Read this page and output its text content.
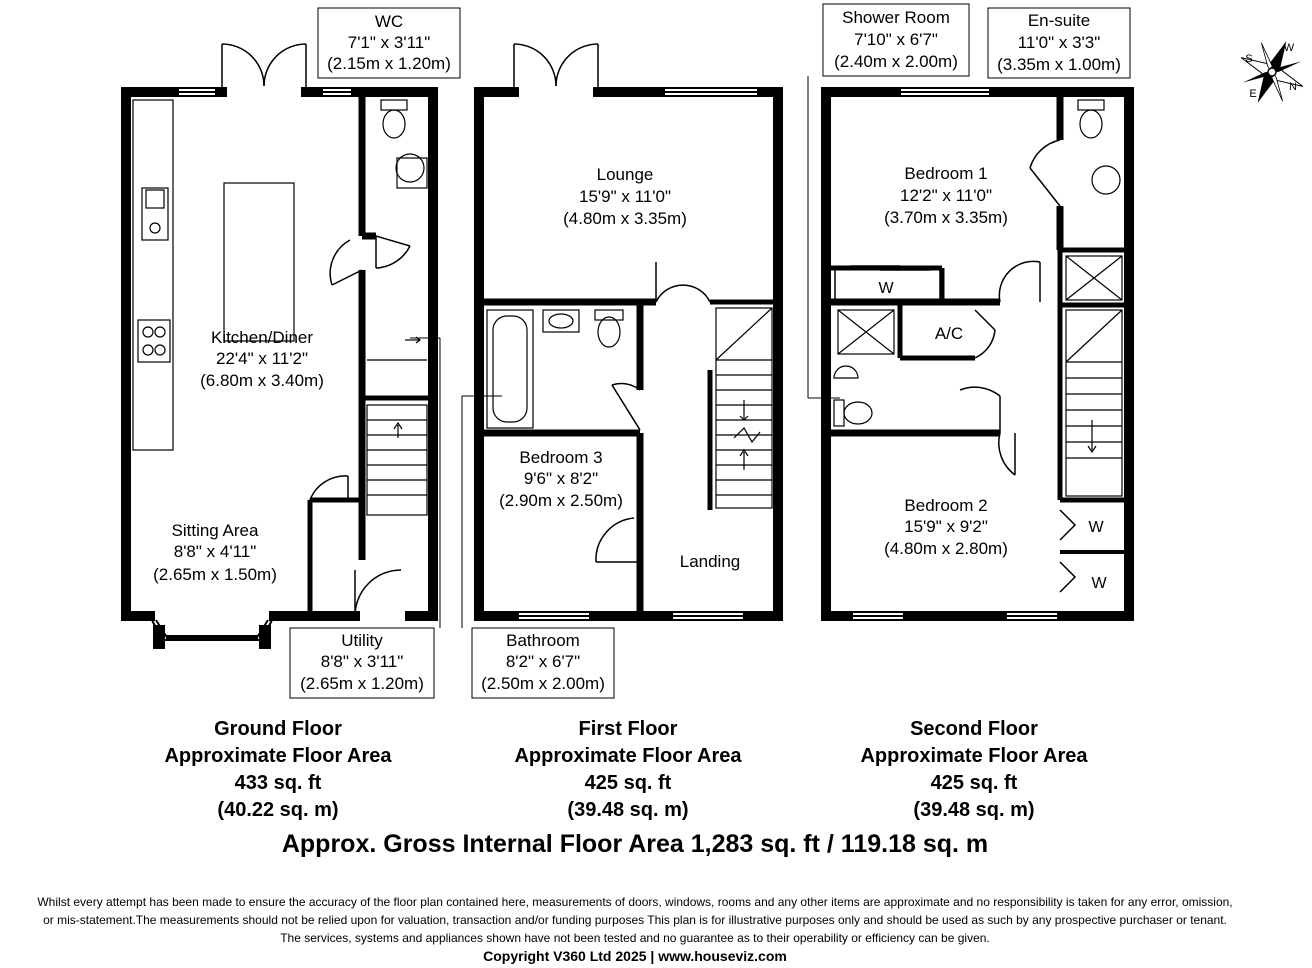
WC
7'1" x 3'11"
(2.15m x 1.20m)
Kitchen/Diner
22'4" x 11'2"
(6.80m x 3.40m)
Sitting Area
8'8" x 4'11"
(2.65m x 1.50m)
Utility
8'8" x 3'11"
(2.65m x 1.20m)
Lounge
15'9" x 11'0"
(4.80m x 3.35m)
Bedroom 3
9'6" x 8'2"
(2.90m x 2.50m)
Landing
Bathroom
8'2" x 6'7"
(2.50m x 2.00m)
Shower Room
7'10" x 6'7"
(2.40m x 2.00m)
En-suite
11'0" x 3'3"
(3.35m x 1.00m)
Bedroom 1
12'2" x 11'0"
(3.70m x 3.35m)
Bedroom 2
15'9" x 9'2"
(4.80m x 2.80m)
A/C
W
W
W
S
E
N
W
Ground Floor
Approximate Floor Area
433 sq. ft
(40.22 sq. m)
First Floor
Approximate Floor Area
425 sq. ft
(39.48 sq. m)
Second Floor
Approximate Floor Area
425 sq. ft
(39.48 sq. m)
Approx. Gross Internal Floor Area 1,283 sq. ft / 119.18 sq. m
Whilst every attempt has been made to ensure the accuracy of the floor plan contained here, measurements of doors, windows, rooms and any other items are approximate and no responsibility is taken for any error, omission,
or mis-statement.The measurements should not be relied upon for valuation, transaction and/or funding purposes This plan is for illustrative purposes only and should be used as such by any prospective purchaser or tenant.
The services, systems and appliances shown have not been tested and no guarantee as to their operability or efficiency can be given.
Copyright V360 Ltd 2025 | www.houseviz.com
